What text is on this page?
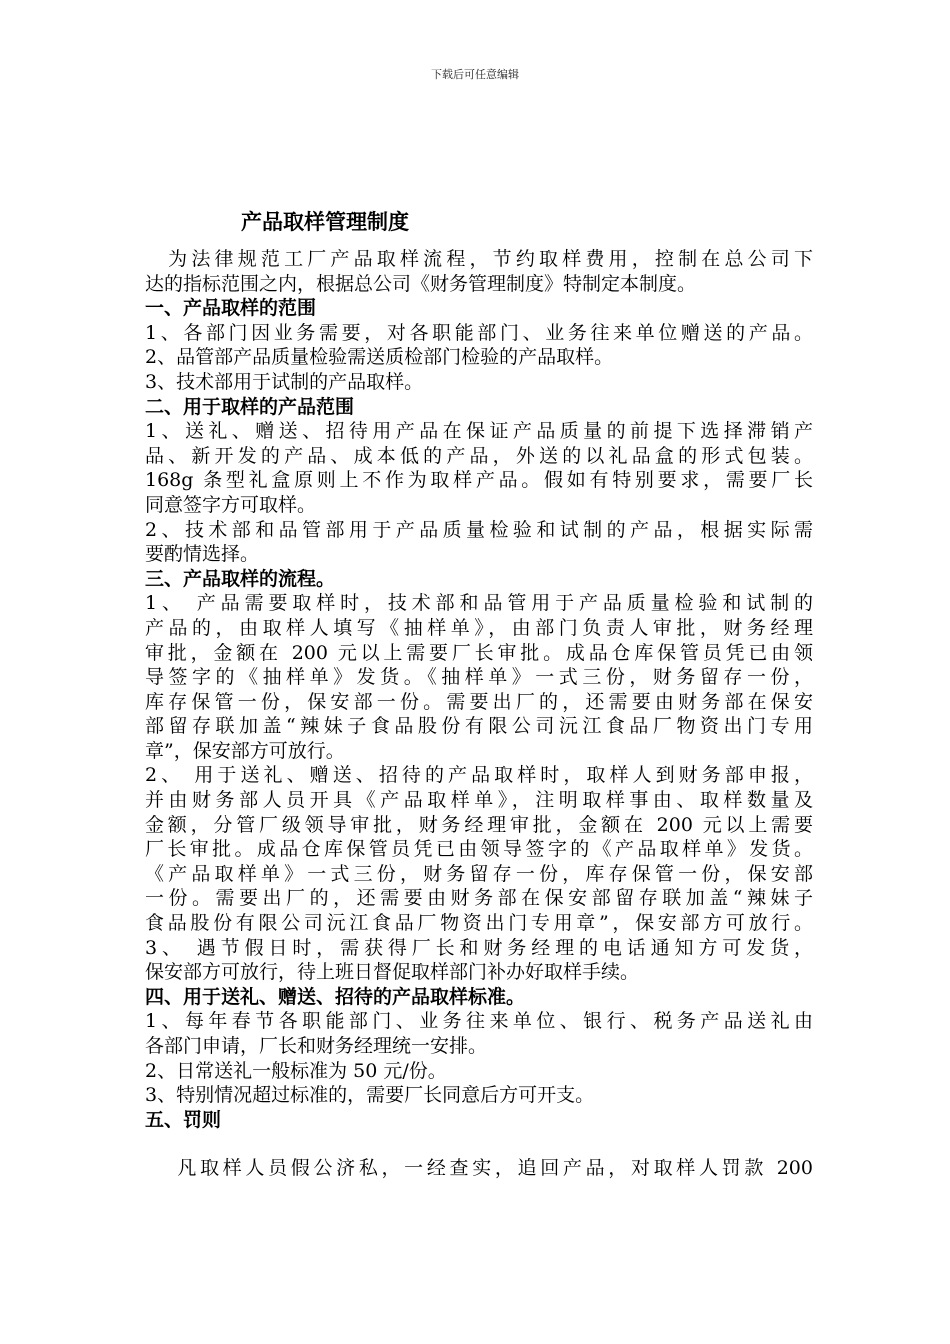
下载后可任意编辑
产品取样管理制度
　为法律规范工厂产品取样流程，节约取样费用，控制在总公司下
达的指标范围之内，根据总公司《财务管理制度》特制定本制度。
一、产品取样的范围
1、各部门因业务需要，对各职能部门、业务往来单位赠送的产品。
2、品管部产品质量检验需送质检部门检验的产品取样。
3、技术部用于试制的产品取样。
二、用于取样的产品范围
1、送礼、赠送、招待用产品在保证产品质量的前提下选择滞销产
品、新开发的产品、成本低的产品，外送的以礼品盒的形式包装。
168g 条型礼盒原则上不作为取样产品。假如有特别要求，需要厂长
同意签字方可取样。
2、技术部和品管部用于产品质量检验和试制的产品，根据实际需
要酌情选择。
三、产品取样的流程。
1、 产品需要取样时，技术部和品管用于产品质量检验和试制的
产品的，由取样人填写《抽样单》，由部门负责人审批，财务经理
审批，金额在 200 元以上需要厂长审批。成品仓库保管员凭已由领
导签字的《抽样单》发货。《抽样单》一式三份，财务留存一份，
库存保管一份，保安部一份。需要出厂的，还需要由财务部在保安
部留存联加盖“辣妹子食品股份有限公司沅江食品厂物资出门专用
章”，保安部方可放行。
2、 用于送礼、赠送、招待的产品取样时，取样人到财务部申报，
并由财务部人员开具《产品取样单》，注明取样事由、取样数量及
金额，分管厂级领导审批，财务经理审批，金额在 200 元以上需要
厂长审批。成品仓库保管员凭已由领导签字的《产品取样单》发货。
《产品取样单》一式三份，财务留存一份，库存保管一份，保安部
一份。需要出厂的，还需要由财务部在保安部留存联加盖“辣妹子
食品股份有限公司沅江食品厂物资出门专用章”，保安部方可放行。
3、 遇节假日时，需获得厂长和财务经理的电话通知方可发货，
保安部方可放行，待上班日督促取样部门补办好取样手续。
四、用于送礼、赠送、招待的产品取样标准。
1、每年春节各职能部门、业务往来单位、银行、税务产品送礼由
各部门申请，厂长和财务经理统一安排。
2、日常送礼一般标准为 50 元/份。
3、特别情况超过标准的，需要厂长同意后方可开支。
五、罚则
　 凡取样人员假公济私，一经查实，追回产品，对取样人罚款 200
